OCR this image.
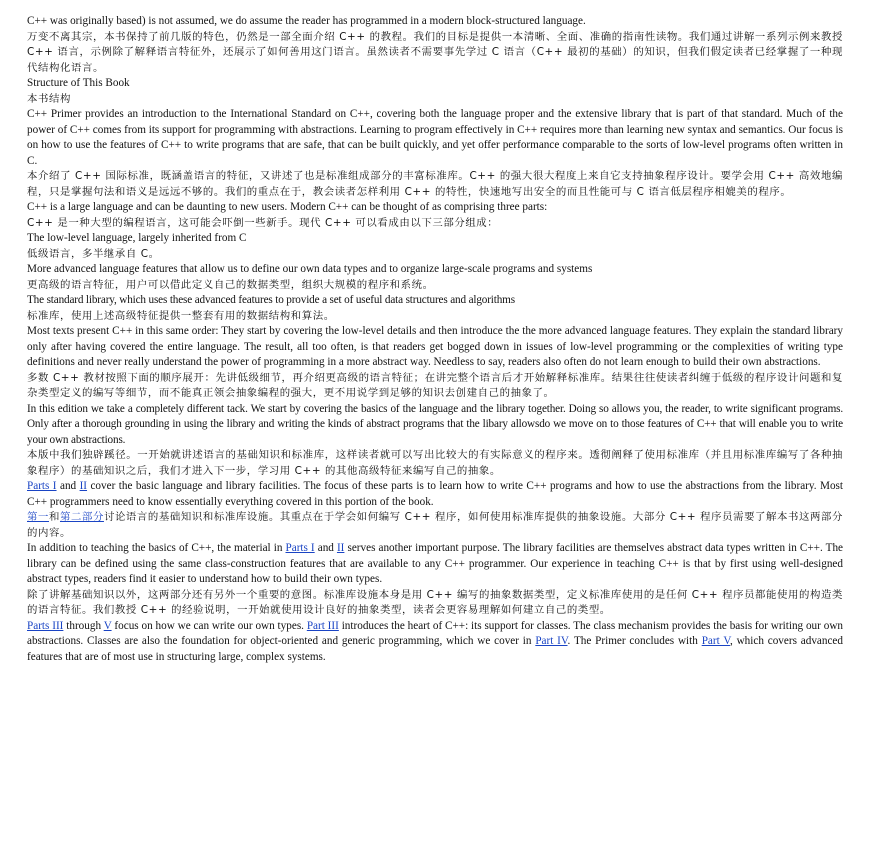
C++ was originally based) is not assumed, we do assume the reader has programmed in a modern block-structured language.

万变不离其宗，本书保持了前几版的特色，仍然是一部全面介绍 C++ 的教程。我们的目标是提供一本清晰、全面、准确的指南性读物。我们通过讲解一系列示例来教授 C++ 语言，示例除了解释语言特征外，还展示了如何善用这门语言。虽然读者不需要事先学过 C 语言（C++ 最初的基础）的知识，但我们假定读者已经掌握了一种现代结构化语言。

Structure of This Book

本书结构

C++ Primer provides an introduction to the International Standard on C++, covering both the language proper and the extensive library that is part of that standard. Much of the power of C++ comes from its support for programming with abstractions. Learning to program effectively in C++ requires more than learning new syntax and semantics. Our focus is on how to use the features of C++ to write programs that are safe, that can be built quickly, and yet offer performance comparable to the sorts of low-level programs often written in C.

本介绍了 C++ 国际标准，既涵盖语言的特征，又讲述了也是标准组成部分的丰富标准库。C++ 的强大很大程度上来自它支持抽象程序设计。要学会用 C++ 高效地编程，只是掌握句法和语义是远远不够的。我们的重点在于，教会读者怎样利用 C++ 的特性，快速地写出安全的而且性能可与 C 语言低层程序相媲美的程序。

C++ is a large language and can be daunting to new users. Modern C++ can be thought of as comprising three parts:

C++ 是一种大型的编程语言，这可能会吓倒一些新手。现代 C++ 可以看成由以下三部分组成：

The low-level language, largely inherited from C

低级语言，多半继承自 C。

More advanced language features that allow us to define our own data types and to organize large-scale programs and systems

更高级的语言特征，用户可以借此定义自己的数据类型，组织大规模的程序和系统。

The standard library, which uses these advanced features to provide a set of useful data structures and algorithms

标准库，使用上述高级特征提供一整套有用的数据结构和算法。

Most texts present C++ in this same order: They start by covering the low-level details and then introduce the the more advanced language features. They explain the standard library only after having covered the entire language. The result, all too often, is that readers get bogged down in issues of low-level programming or the complexities of writing type definitions and never really understand the power of programming in a more abstract way. Needless to say, readers also often do not learn enough to build their own abstractions.

多数 C++ 教材按照下面的顺序展开：先讲低级细节，再介绍更高级的语言特征；在讲完整个语言后才开始解释标准库。结果往往使读者纠缠于低级的程序设计问题和复杂类型定义的编写等细节，而不能真正领会抽象编程的强大，更不用说学到足够的知识去创建自己的抽象了。

In this edition we take a completely different tack. We start by covering the basics of the language and the library together. Doing so allows you, the reader, to write significant programs. Only after a thorough grounding in using the library and writing the kinds of abstract programs that the libary allowsdo we move on to those features of C++ that will enable you to write your own abstractions.

本版中我们独辟蹊径。一开始就讲述语言的基础知识和标准库，这样读者就可以写出比较大的有实际意义的程序来。透彻阐释了使用标准库（并且用标准库编写了各种抽象程序）的基础知识之后，我们才进入下一步，学习用 C++ 的其他高级特征来编写自己的抽象。

Parts I and II cover the basic language and library facilities. The focus of these parts is to learn how to write C++ programs and how to use the abstractions from the library. Most C++ programmers need to know essentially everything covered in this portion of the book.

第一和第二部分讨论语言的基础知识和标准库设施。其重点在于学会如何编写 C++ 程序，如何使用标准库提供的抽象设施。大部分 C++ 程序员需要了解本书这两部分的内容。

In addition to teaching the basics of C++, the material in Parts I and II serves another important purpose. The library facilities are themselves abstract data types written in C++. The library can be defined using the same class-construction features that are available to any C++ programmer. Our experience in teaching C++ is that by first using well-designed abstract types, readers find it easier to understand how to build their own types.

除了讲解基础知识以外，这两部分还有另外一个重要的意图。标准库设施本身是用 C++ 编写的抽象数据类型，定义标准库使用的是任何 C++ 程序员都能使用的构造类的语言特征。我们教授 C++ 的经验说明，一开始就使用设计良好的抽象类型，读者会更容易理解如何建立自己的类型。

Parts III through V focus on how we can write our own types. Part III introduces the heart of C++: its support for classes. The class mechanism provides the basis for writing our own abstractions. Classes are also the foundation for object-oriented and generic programming, which we cover in Part IV. The Primer concludes with Part V, which covers advanced features that are of most use in structuring large, complex systems.
